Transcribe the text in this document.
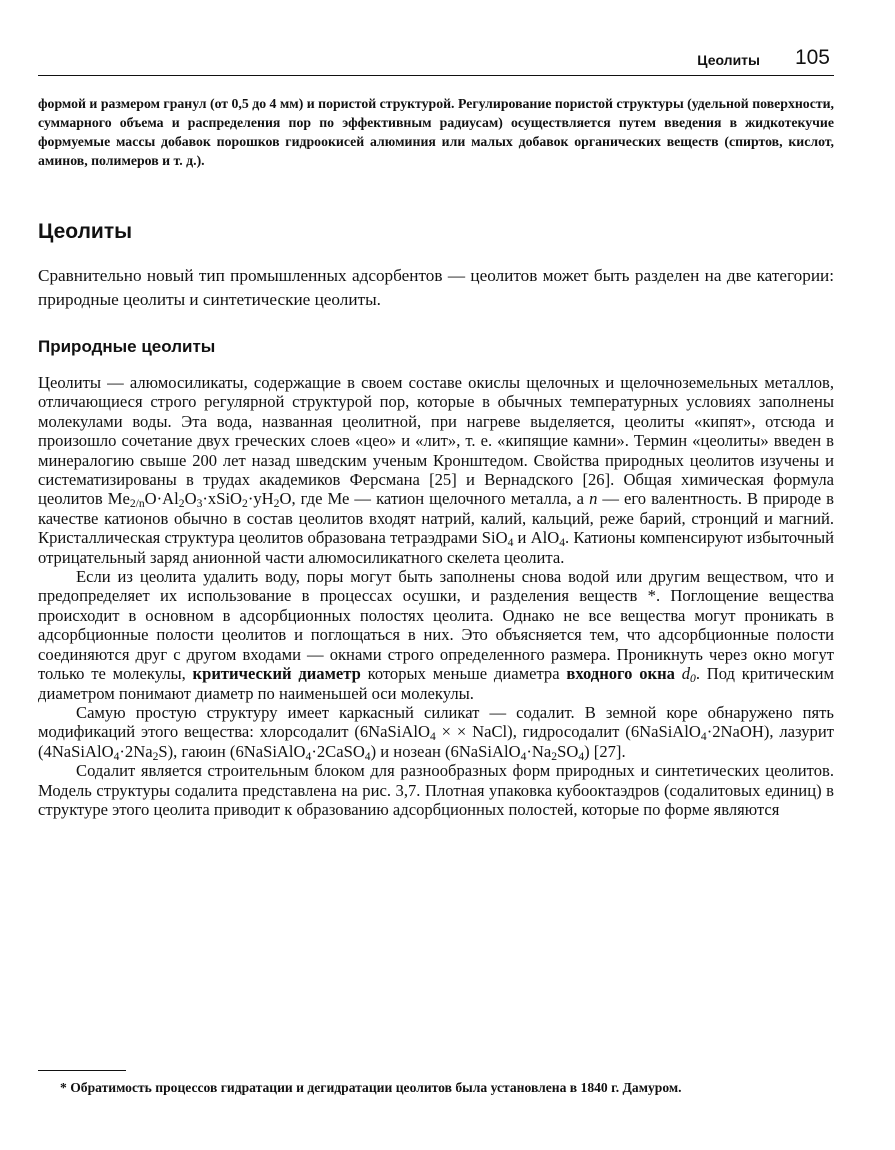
Цеолиты 105

формой и размером гранул (от 0,5 до 4 мм) и пористой структурой. Регулирование пористой структуры (удельной поверхности, суммарного объема и распределения пор по эффективным радиусам) осуществляется путем введения в жидкотекучие формуемые массы добавок порошков гидроокисей алюминия или малых добавок органических веществ (спиртов, кислот, аминов, полимеров и т. д.).

Цеолиты

Сравнительно новый тип промышленных адсорбентов — цеолитов может быть разделен на две категории: природные цеолиты и синтетические цеолиты.

Природные цеолиты

Цеолиты — алюмосиликаты, содержащие в своем составе окислы щелочных и щелочноземельных металлов, отличающиеся строго регулярной структурой пор, которые в обычных температурных условиях заполнены молекулами воды. Эта вода, названная цеолитной, при нагреве выделяется, цеолиты «кипят», отсюда и произошло сочетание двух греческих слоев «цео» и «лит», т. е. «кипящие камни». Термин «цеолиты» введен в минералогию свыше 200 лет назад шведским ученым Кронштедом. Свойства природных цеолитов изучены и систематизированы в трудах академиков Ферсмана [25] и Вернадского [26]. Общая химическая формула цеолитов $Me_{2/n}O\cdot Al_2O_3\cdot xSiO_2\cdot yH_2O$, где Ме — катион щелочного металла, а n — его валентность. В природе в качестве катионов обычно в состав цеолитов входят натрий, калий, кальций, реже барий, стронций и магний. Кристаллическая структура цеолитов образована тетраэдрами SiO$_4$ и AlO$_4$. Катионы компенсируют избыточный отрицательный заряд анионной части алюмосиликатного скелета цеолита.

Если из цеолита удалить воду, поры могут быть заполнены снова водой или другим веществом, что и предопределяет их использование в процессах осушки, и разделения веществ *. Поглощение вещества происходит в основном в адсорбционных полостях цеолита. Однако не все вещества могут проникать в адсорбционные полости цеолитов и поглощаться в них. Это объясняется тем, что адсорбционные полости соединяются друг с другом входами — окнами строго определенного размера. Проникнуть через окно могут только те молекулы, критический диаметр которых меньше диаметра входного окна $d_0$. Под критическим диаметром понимают диаметр по наименьшей оси молекулы.

Самую простую структуру имеет каркасный силикат — содалит. В земной коре обнаружено пять модификаций этого вещества: хлорсодалит (6NaSiAlO$_4$ × × NaCl), гидросодалит (6NaSiAlO$_4$·2NaOH), лазурит $(4NaSiAlO_4\cdot 2Na_2S)$, гаюин (6NaSiAlO$_4$·2CaSO$_4$) и нозеан $(6NaSiAlO_4\cdot Na_2SO_4)$ [27].

Содалит является строительным блоком для разнообразных форм природных и синтетических цеолитов. Модель структуры содалита представлена на рис. 3,7. Плотная упаковка кубооктаэдров (содалитовых единиц) в структуре этого цеолита приводит к образованию адсорбционных полостей, которые по форме являются

* Обратимость процессов гидратации и дегидратации цеолитов была установлена в 1840 г. Дамуром.
